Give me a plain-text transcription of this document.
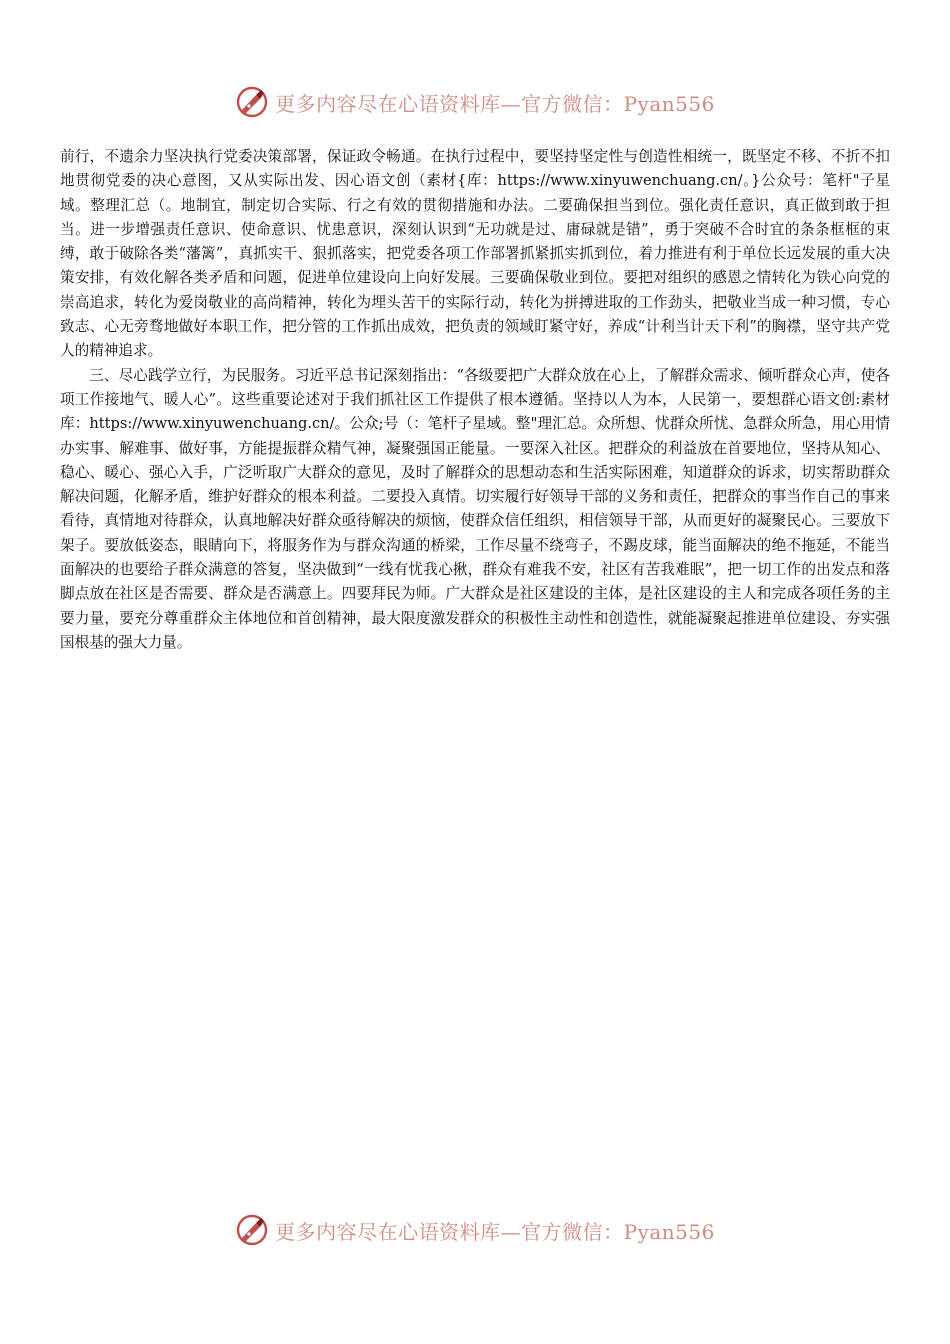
更多内容尽在心语资料库—官方微信：Pyan556

前行，不遗余力坚决执行党委决策部署，保证政令畅通。在执行过程中，要坚持坚定性与创造性相统一，既坚定不移、不折不扣地贯彻党委的决心意图，又从实际出发、因心语文创（素材{库：https://www.xinyuwenchuang.cn/。}公众号：笔杆"子星域。整理汇总（。地制宜，制定切合实际、行之有效的贯彻措施和办法。二要确保担当到位。强化责任意识，真正做到敢于担当。进一步增强责任意识、使命意识、忧患意识，深刻认识到“无功就是过、庸碌就是错”，勇于突破不合时宜的条条框框的束缚，敢于破除各类“藩篱”，真抓实干、狠抓落实，把党委各项工作部署抓紧抓实抓到位，着力推进有利于单位长远发展的重大决策安排，有效化解各类矛盾和问题，促进单位建设向上向好发展。三要确保敬业到位。要把对组织的感恩之情转化为铁心向党的崇高追求，转化为爱岗敬业的高尚精神，转化为埋头苦干的实际行动，转化为拼搏进取的工作劲头，把敬业当成一种习惯，专心致志、心无旁骛地做好本职工作，把分管的工作抓出成效，把负责的领域盯紧守好，养成“计利当计天下利”的胸襟，坚守共产党人的精神追求。

三、尽心践学立行，为民服务。习近平总书记深刻指出：“各级要把广大群众放在心上，了解群众需求、倾听群众心声，使各项工作接地气、暖人心”。这些重要论述对于我们抓社区工作提供了根本遵循。坚持以人为本，人民第一，要想群心语文创:素材库：https://www.xinyuwenchuang.cn/。公众;号（：笔杆子星域。整"理汇总。众所想、忧群众所忧、急群众所急，用心用情办实事、解难事、做好事，方能提振群众精气神，凝聚强国正能量。一要深入社区。把群众的利益放在首要地位，坚持从知心、稳心、暖心、强心入手，广泛听取广大群众的意见，及时了解群众的思想动态和生活实际困难，知道群众的诉求，切实帮助群众解决问题，化解矛盾，维护好群众的根本利益。二要投入真情。切实履行好领导干部的义务和责任，把群众的事当作自己的事来看待，真情地对待群众，认真地解决好群众亟待解决的烦恼，使群众信任组织，相信领导干部，从而更好的凝聚民心。三要放下架子。要放低姿态，眼睛向下，将服务作为与群众沟通的桥梁，工作尽量不绕弯子，不踢皮球，能当面解决的绝不拖延，不能当面解决的也要给子群众满意的答复，坚决做到“一线有忧我心揪，群众有难我不安，社区有苦我难眠”，把一切工作的出发点和落脚点放在社区是否需要、群众是否满意上。四要拜民为师。广大群众是社区建设的主体，是社区建设的主人和完成各项任务的主要力量，要充分尊重群众主体地位和首创精神，最大限度激发群众的积极性主动性和创造性，就能凝聚起推进单位建设、夯实强国根基的强大力量。

更多内容尽在心语资料库—官方微信：Pyan556
